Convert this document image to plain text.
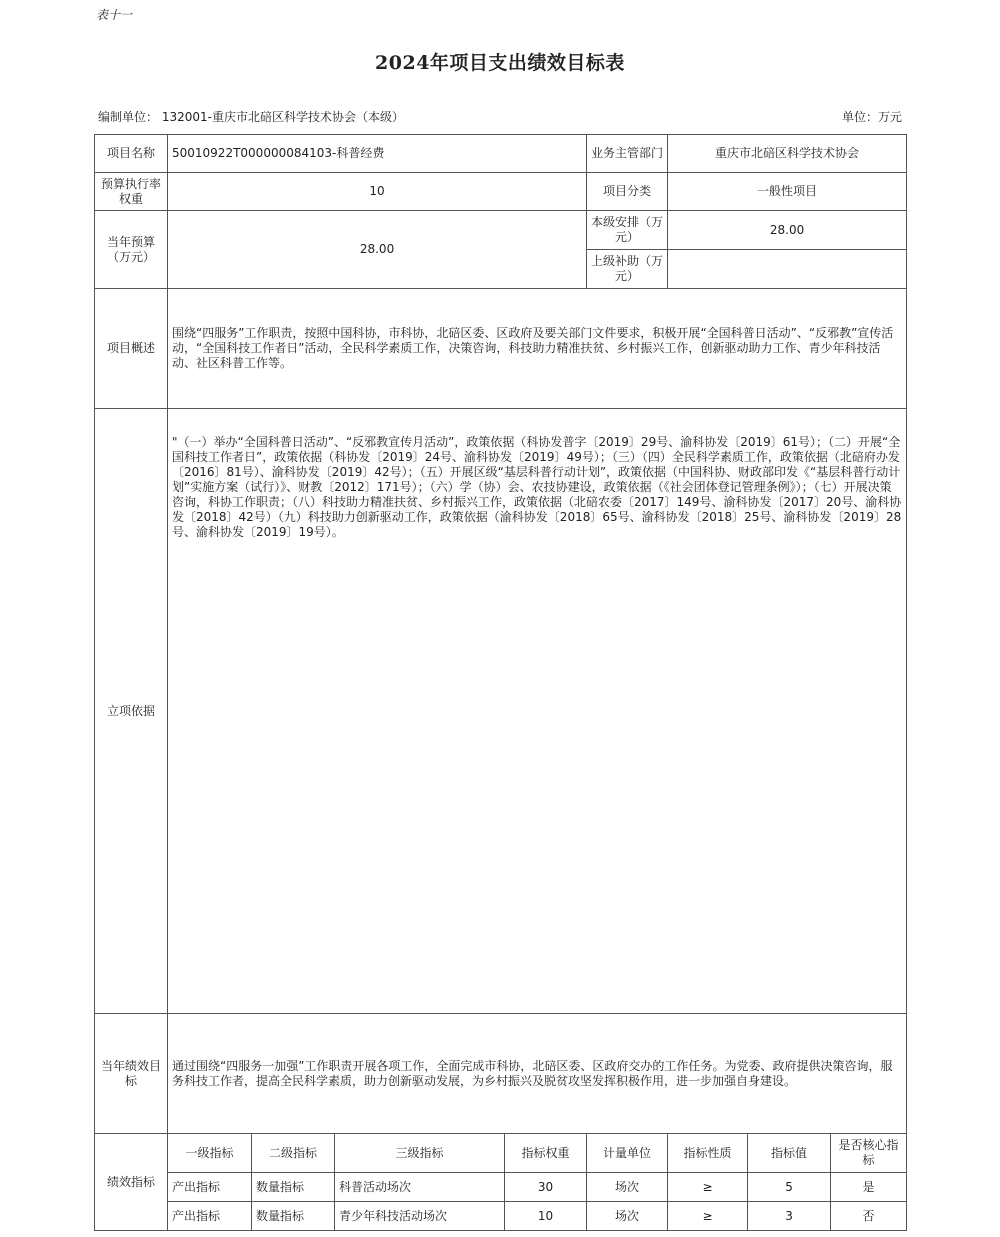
表十一
2024年项目支出绩效目标表
编制单位： 132001-重庆市北碚区科学技术协会（本级）	单位：万元
项目名称	50010922T000000084103-科普经费				业务主管部门	重庆市北碚区科学技术协会		
预算执行率权重	10				项目分类	一般性项目		
当年预算（万元）	28.00				本级安排（万元）	28.00		
					上级补助（万元）			
项目概述	围绕“四服务”工作职责，按照中国科协，市科协，北碚区委、区政府及要关部门文件要求，积极开展“全国科普日活动”、“反邪教”宣传活动，“全国科技工作者日”活动，全民科学素质工作，决策咨询，科技助力精准扶贫、乡村振兴工作，创新驱动助力工作、青少年科技活动、社区科普工作等。							
立项依据	"（一）举办“全国科普日活动”、“反邪教宣传月活动”，政策依据（科协发普字〔2019〕29号、渝科协发〔2019〕61号）；（二）开展“全国科技工作者日”，政策依据（科协发〔2019〕24号、渝科协发〔2019〕49号）；（三）（四）全民科学素质工作，政策依据（北碚府办发〔2016〕81号）、渝科协发〔2019〕42号）；（五）开展区级“基层科普行动计划”，政策依据（中国科协、财政部印发《“基层科普行动计划”实施方案（试行）》、财教〔2012〕171号）；（六）学（协）会、农技协建设，政策依据（《社会团体登记管理条例》）；（七）开展决策咨询，科协工作职责；（八）科技助力精准扶贫、乡村振兴工作，政策依据（北碚农委〔2017〕149号、渝科协发〔2017〕20号、渝科协发〔2018〕42号）（九）科技助力创新驱动工作，政策依据（渝科协发〔2018〕65号、渝科协发〔2018〕25号、渝科协发〔2019〕28号、渝科协发〔2019〕19号）。							
当年绩效目标	通过围绕“四服务一加强”工作职责开展各项工作，全面完成市科协，北碚区委、区政府交办的工作任务。为党委、政府提供决策咨询，服务科技工作者，提高全民科学素质，助力创新驱动发展，为乡村振兴及脱贫攻坚发挥积极作用，进一步加强自身建设。							
绩效指标	一级指标	二级指标	三级指标	指标权重	计量单位	指标性质	指标值	是否核心指标
	产出指标	数量指标	科普活动场次	30	场次	≥	5	是
	产出指标	数量指标	青少年科技活动场次	10	场次	≥	3	否
